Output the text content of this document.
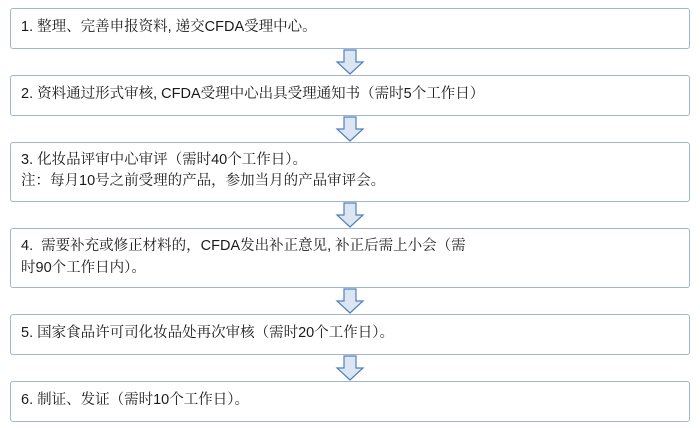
1. 整理、完善申报资料, 递交CFDA受理中心。
2. 资料通过形式审核, CFDA受理中心出具受理通知书（需时5个工作日）
3. 化妆品评审中心审评（需时40个工作日）。
注：每月10号之前受理的产品，参加当月的产品审评会。
4.  需要补充或修正材料的，CFDA发出补正意见, 补正后需上小会（需
时90个工作日内）。
5. 国家食品许可司化妆品处再次审核（需时20个工作日）。
6. 制证、发证（需时10个工作日）。
